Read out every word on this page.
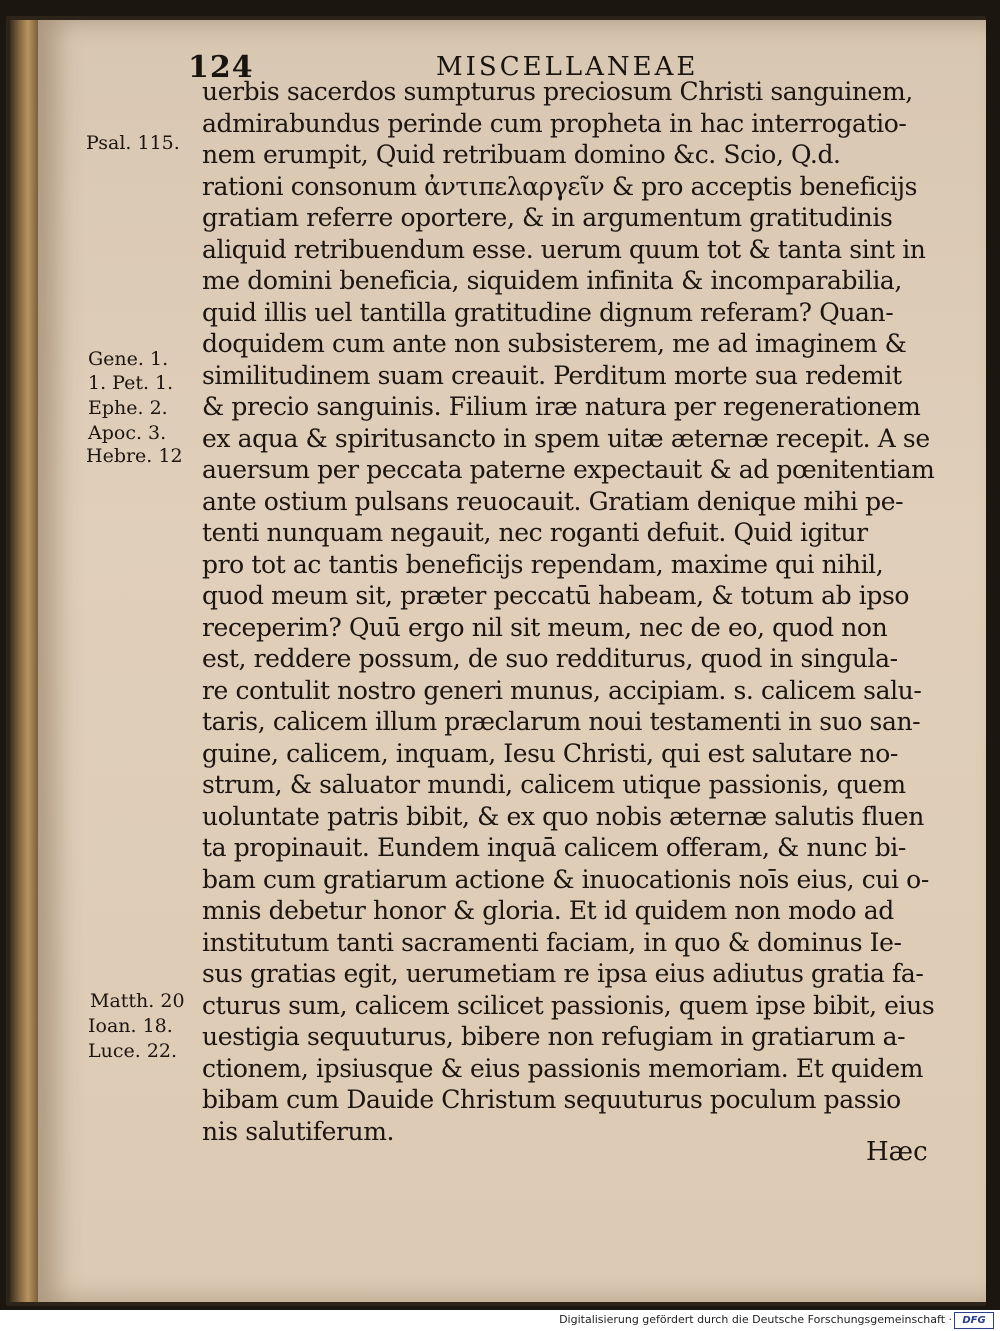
124	MISCELLANEAE
Psal. 115.
Gene. 1.
1. Pet. 1.
Ephe. 2.
Apoc. 3.
Hebre. 12
Matth. 20
Ioan. 18.
Luce. 22.
uerbis sacerdos sumpturus preciosum Christi sanguinem,
admirabundus perinde cum propheta in hac interrogatio-
nem erumpit, Quid retribuam domino &c. Scio, Q.d.
rationi consonum ἀντιπελαργεῖν & pro acceptis beneficijs
gratiam referre oportere, & in argumentum gratitudinis
aliquid retribuendum esse. uerum quum tot & tanta sint in
me domini beneficia, siquidem infinita & incomparabilia,
quid illis uel tantilla gratitudine dignum referam? Quan-
doquidem cum ante non subsisterem, me ad imaginem &
similitudinem suam creauit. Perditum morte sua redemit
& precio sanguinis. Filium iræ natura per regenerationem
ex aqua & spiritusancto in spem uitæ æternæ recepit. A se
auersum per peccata paterne expectauit & ad pœnitentiam
ante ostium pulsans reuocauit. Gratiam denique mihi pe-
tenti nunquam negauit, nec roganti defuit. Quid igitur
pro tot ac tantis beneficijs rependam, maxime qui nihil,
quod meum sit, præter peccatū habeam, & totum ab ipso
receperim? Quū ergo nil sit meum, nec de eo, quod non
est, reddere possum, de suo redditurus, quod in singula-
re contulit nostro generi munus, accipiam. s. calicem salu-
taris, calicem illum præclarum noui testamenti in suo san-
guine, calicem, inquam, Iesu Christi, qui est salutare no-
strum, & saluator mundi, calicem utique passionis, quem
uoluntate patris bibit, & ex quo nobis æternæ salutis fluen
ta propinauit. Eundem inquā calicem offeram, & nunc bi-
bam cum gratiarum actione & inuocationis noīs eius, cui o-
mnis debetur honor & gloria. Et id quidem non modo ad
institutum tanti sacramenti faciam, in quo & dominus Ie-
sus gratias egit, uerumetiam re ipsa eius adiutus gratia fa-
cturus sum, calicem scilicet passionis, quem ipse bibit, eius
uestigia sequuturus, bibere non refugiam in gratiarum a-
ctionem, ipsiusque & eius passionis memoriam. Et quidem
bibam cum Dauide Christum sequuturus poculum passio
nis salutiferum.
Hæc
Digitalisierung gefördert durch die Deutsche Forschungsgemeinschaft ·	DFG
